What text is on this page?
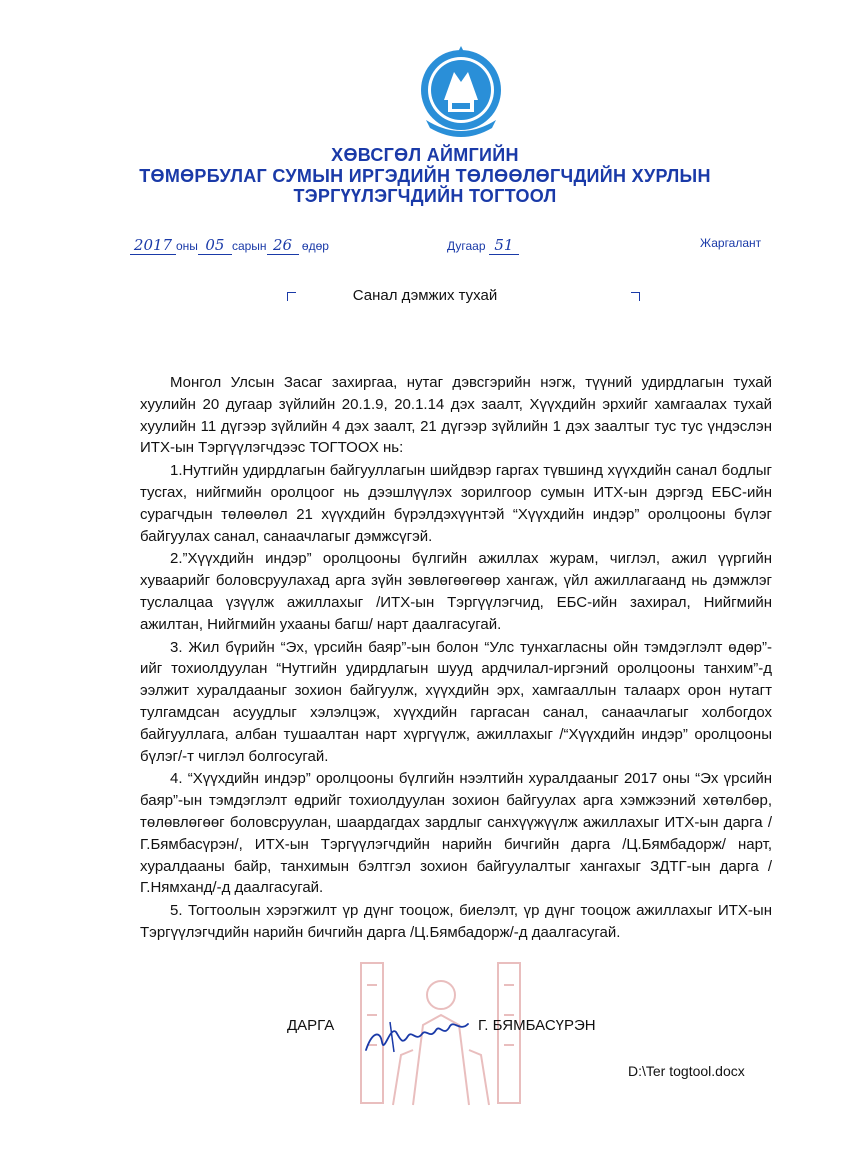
ХӨВСГӨЛ АЙМГИЙН
ТӨМӨРБУЛАГ СУМЫН ИРГЭДИЙН ТӨЛӨӨЛӨГЧДИЙН ХУРЛЫН
ТЭРГҮҮЛЭГЧДИЙН ТОГТООЛ
2017 оны 05 сарын 26 өдөр	Дугаар 51	Жаргалант
Санал дэмжих тухай

Монгол Улсын Засаг захиргаа, нутаг дэвсгэрийн нэгж, түүний удирдлагын тухай хуулийн 20 дугаар зүйлийн 20.1.9, 20.1.14 дэх заалт, Хүүхдийн эрхийг хамгаалах тухай хуулийн 11 дүгээр зүйлийн 4 дэх заалт, 21 дүгээр зүйлийн 1 дэх заалтыг тус тус үндэслэн ИТХ-ын Тэргүүлэгчдээс ТОГТООХ нь:

1.Нутгийн удирдлагын байгууллагын шийдвэр гаргах түвшинд хүүхдийн санал бодлыг тусгах, нийгмийн оролцоог нь дээшлүүлэх зорилгоор сумын ИТХ-ын дэргэд ЕБС-ийн сурагчдын төлөөлөл 21 хүүхдийн бүрэлдэхүүнтэй “Хүүхдийн индэр” оролцооны бүлэг байгуулах санал, санаачлагыг дэмжсүгэй.

2.”Хүүхдийн индэр” оролцооны бүлгийн ажиллах журам, чиглэл, ажил үүргийн хуваарийг боловсруулахад арга зүйн зөвлөгөөгөөр хангаж, үйл ажиллагаанд нь дэмжлэг туслалцаа үзүүлж ажиллахыг /ИТХ-ын Тэргүүлэгчид, ЕБС-ийн захирал, Нийгмийн ажилтан, Нийгмийн ухааны багш/ нарт даалгасугай.

3. Жил бүрийн “Эх, үрсийн баяр”-ын болон “Улс тунхагласны ойн тэмдэглэлт өдөр”-ийг тохиолдуулан “Нутгийн удирдлагын шууд ардчилал-иргэний оролцооны танхим”-д ээлжит хуралдааныг зохион байгуулж, хүүхдийн эрх, хамгааллын талаарх орон нутагт тулгамдсан асуудлыг хэлэлцэж, хүүхдийн гаргасан санал, санаачлагыг холбогдох байгууллага, албан тушаалтан нарт хүргүүлж, ажиллахыг /“Хүүхдийн индэр” оролцооны бүлэг/-т чиглэл болгосугай.

4. “Хүүхдийн индэр” оролцооны бүлгийн нээлтийн хуралдааныг 2017 оны “Эх үрсийн баяр”-ын тэмдэглэлт өдрийг тохиолдуулан зохион байгуулах арга хэмжээний хөтөлбөр, төлөвлөгөөг боловсруулан, шаардагдах зардлыг санхүүжүүлж ажиллахыг ИТХ-ын дарга /Г.Бямбасүрэн/, ИТХ-ын Тэргүүлэгчдийн нарийн бичгийн дарга /Ц.Бямбадорж/ нарт, хуралдааны байр, танхимын бэлтгэл зохион байгуулалтыг хангахыг ЗДТГ-ын дарга /Г.Нямханд/-д даалгасугай.

5. Тогтоолын хэрэгжилт үр дүнг тооцож, биелэлт, үр дүнг тооцож ажиллахыг ИТХ-ын Тэргүүлэгчдийн нарийн бичгийн дарга /Ц.Бямбадорж/-д даалгасугай.

ДАРГА	Г. БЯМБАСҮРЭН
D:\Ter togtool.docx
